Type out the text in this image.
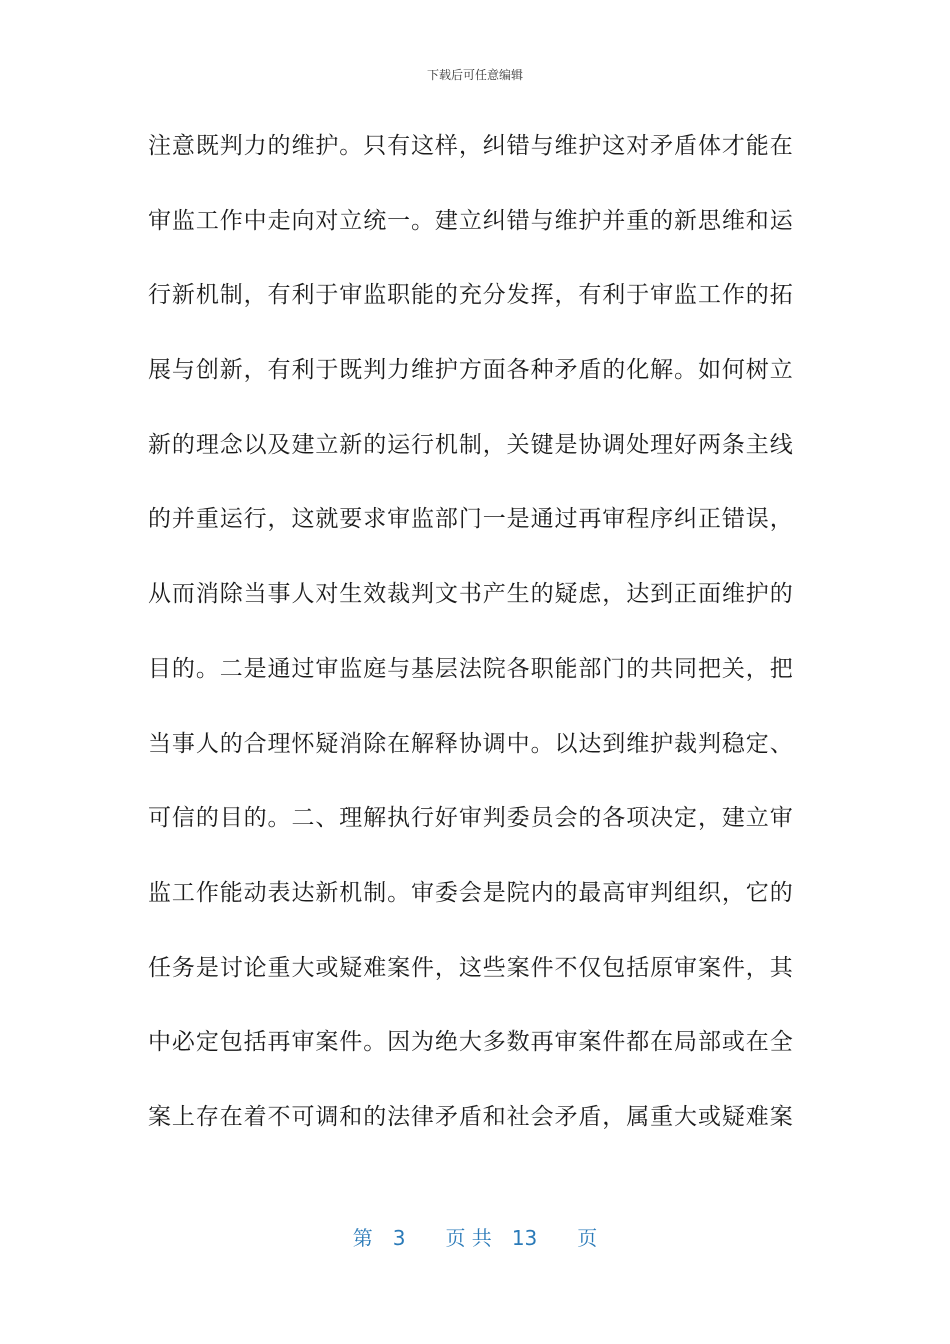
下载后可任意编辑
注意既判力的维护。只有这样，纠错与维护这对矛盾体才能在
审监工作中走向对立统一。建立纠错与维护并重的新思维和运
行新机制，有利于审监职能的充分发挥，有利于审监工作的拓
展与创新，有利于既判力维护方面各种矛盾的化解。如何树立
新的理念以及建立新的运行机制，关键是协调处理好两条主线
的并重运行，这就要求审监部门一是通过再审程序纠正错误，
从而消除当事人对生效裁判文书产生的疑虑，达到正面维护的
目的。二是通过审监庭与基层法院各职能部门的共同把关，把
当事人的合理怀疑消除在解释协调中。以达到维护裁判稳定、
可信的目的。二、理解执行好审判委员会的各项决定，建立审
监工作能动表达新机制。审委会是院内的最高审判组织，它的
任务是讨论重大或疑难案件，这些案件不仅包括原审案件，其
中必定包括再审案件。因为绝大多数再审案件都在局部或在全
案上存在着不可调和的法律矛盾和社会矛盾，属重大或疑难案
第 3 页 共 13 页
